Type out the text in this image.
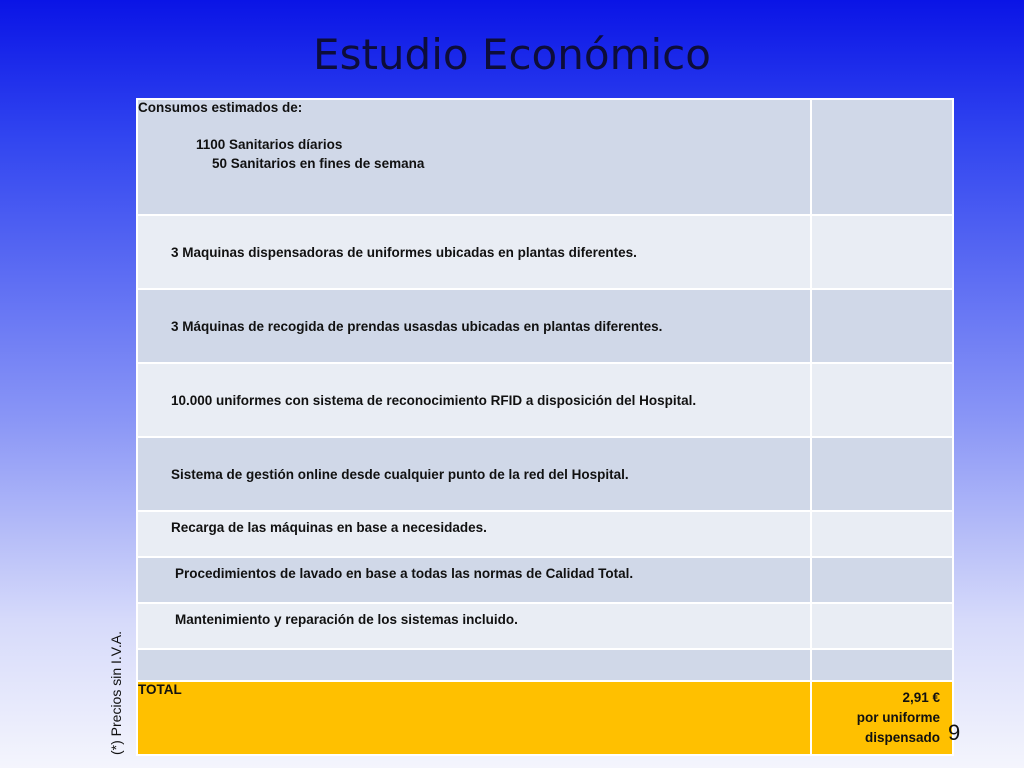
Estudio Económico
Consumos estimados de:
1100 Sanitarios díarios
50 Sanitarios en fines de semana	

3 Maquinas dispensadoras de uniformes ubicadas en plantas diferentes.	

3 Máquinas de recogida de prendas usasdas ubicadas en plantas diferentes.	

10.000 uniformes con sistema de reconocimiento RFID a disposición del Hospital.	

Sistema de gestión online desde cualquier punto de la red del Hospital.	

Recarga de las máquinas en base a necesidades.	

Procedimientos de lavado en base a todas las normas de Calidad Total.	

Mantenimiento y reparación de los sistemas incluido.	

TOTAL	2,91 €
por uniforme
dispensado
(*) Precios sin I.V.A.	9
